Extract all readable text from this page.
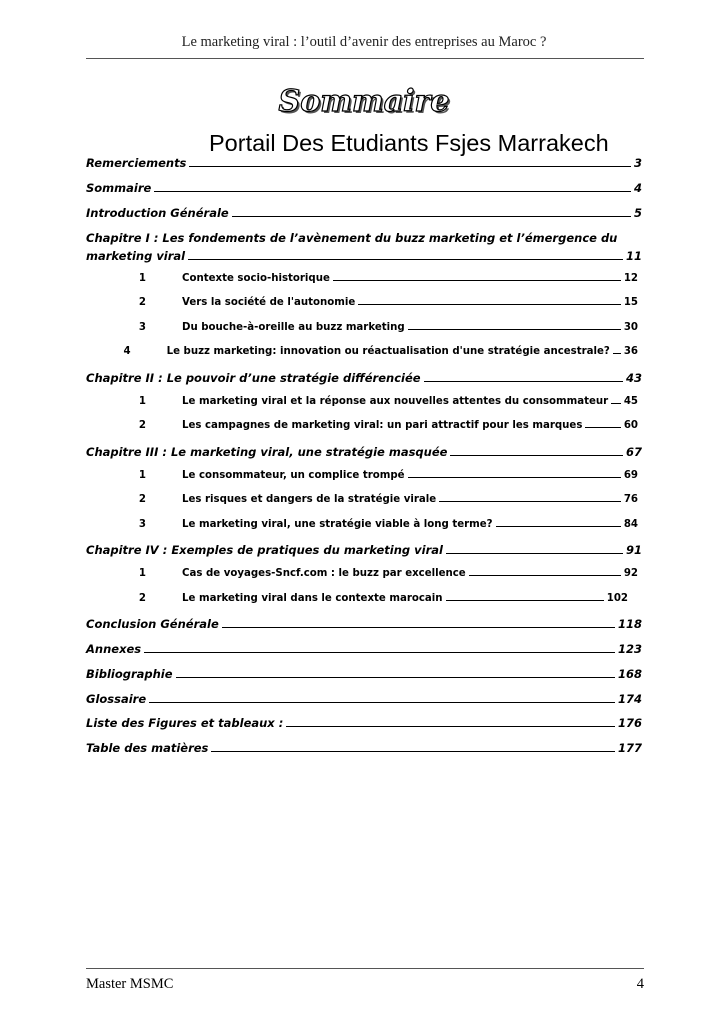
Le marketing viral : l’outil d’avenir des entreprises au Maroc ?
Sommaire
Portail Des Etudiants Fsjes Marrakech
Remerciements	3
Sommaire	4
Introduction Générale	5
Chapitre I : Les fondements de l’avènement du buzz marketing et l’émergence du
marketing viral	11
1	Contexte socio-historique	12
2	Vers la société de l'autonomie	15
3	Du bouche-à-oreille au buzz marketing	30
4	Le buzz marketing: innovation ou réactualisation d'une stratégie ancestrale? 36
Chapitre II : Le pouvoir d’une stratégie différenciée	43
1	Le marketing viral et la réponse aux nouvelles attentes du consommateur 45
2	Les campagnes de marketing viral: un pari attractif pour les marques	60
Chapitre III : Le marketing viral, une stratégie masquée	67
1	Le consommateur, un complice trompé	69
2	Les risques et dangers de la stratégie virale	76
3	Le marketing viral, une stratégie viable à long terme?	84
Chapitre IV : Exemples de pratiques du marketing viral	91
1	Cas de voyages-Sncf.com : le buzz par excellence	92
2	Le marketing viral dans le contexte marocain	102
Conclusion Générale	118
Annexes	123
Bibliographie	168
Glossaire	174
Liste des Figures et tableaux :	176
Table des matières	177
Master MSMC	4
